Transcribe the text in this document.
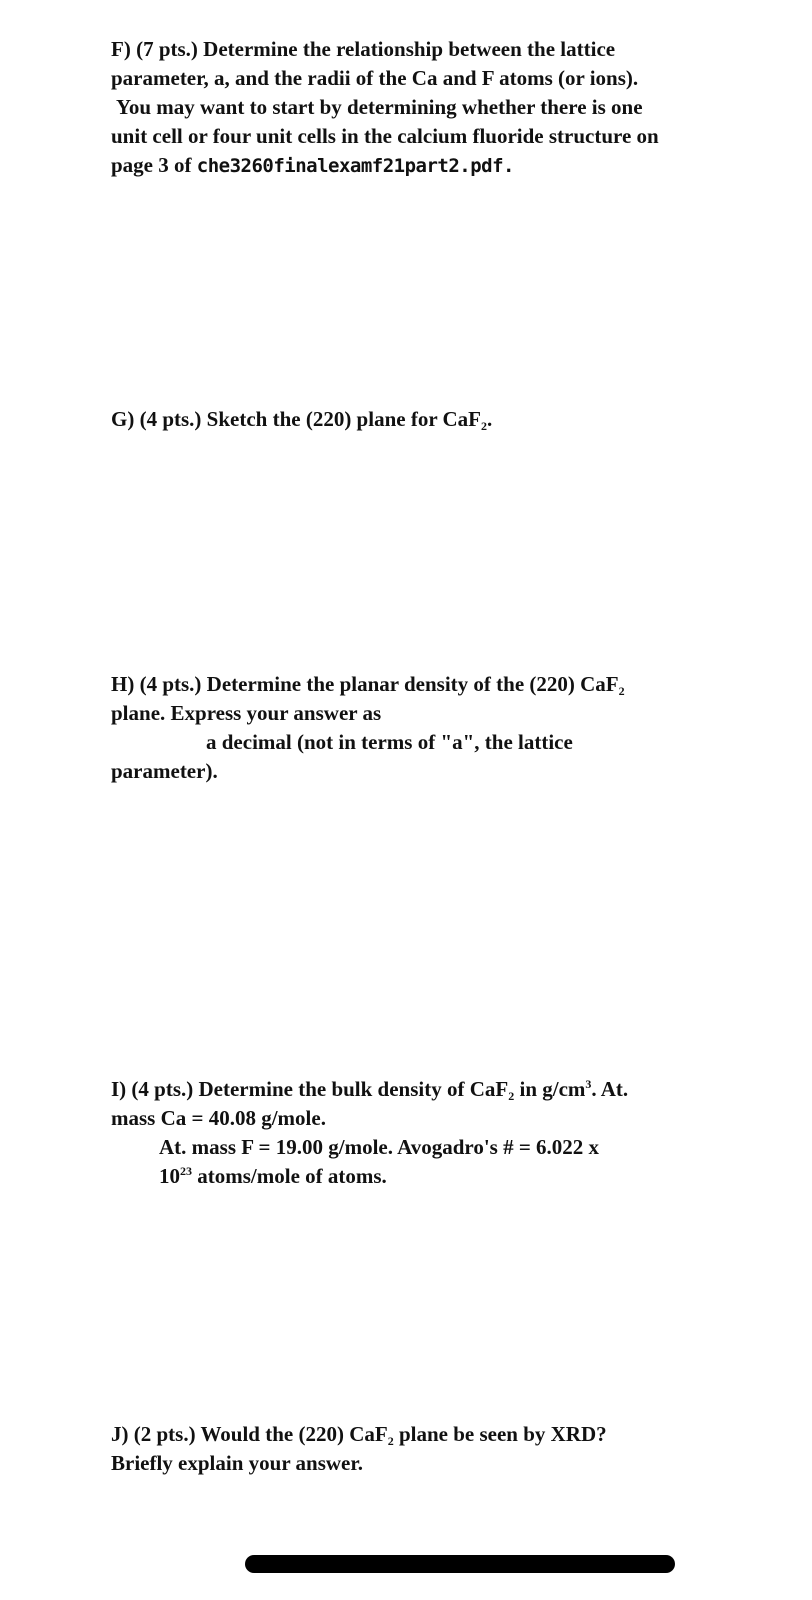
F) (7 pts.) Determine the relationship between the lattice
parameter, a, and the radii of the Ca and F atoms (or ions).
You may want to start by determining whether there is one
unit cell or four unit cells in the calcium fluoride structure on
page 3 of che3260finalexamf21part2.pdf.
G) (4 pts.) Sketch the (220) plane for CaF$_2$.
H) (4 pts.) Determine the planar density of the (220) CaF$_2$
plane. Express your answer as
a decimal (not in terms of "a", the lattice
parameter).
I) (4 pts.) Determine the bulk density of CaF$_2$ in $g/cm^3$. At.
mass Ca = 40.08 g/mole.
At. mass F = 19.00 g/mole. Avogadro's # = 6.022 x
$10^{23}$ atoms/mole of atoms.
J) (2 pts.) Would the (220) CaF$_2$ plane be seen by XRD?
Briefly explain your answer.
